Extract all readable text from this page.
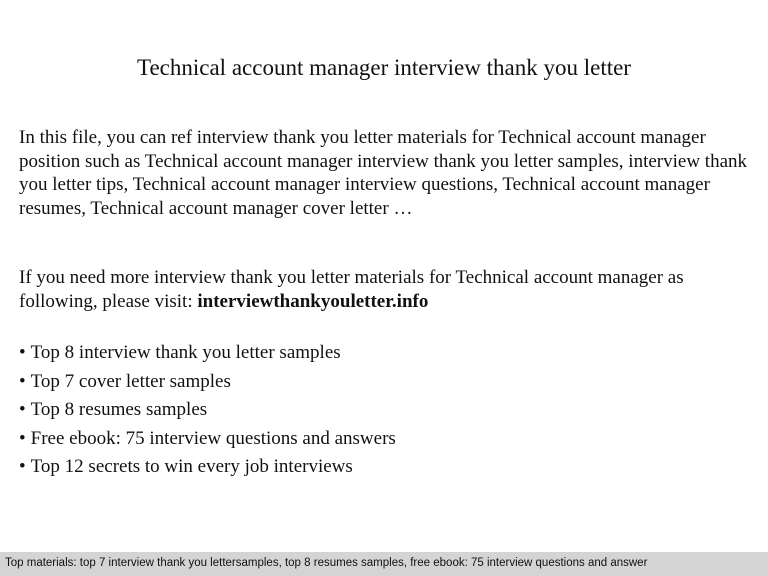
Technical account manager interview thank you letter

In this file, you can ref interview thank you letter materials for Technical account manager position such as Technical account manager interview thank you letter samples, interview thank you letter tips, Technical account manager interview questions, Technical account manager resumes, Technical account manager cover letter …

If you need more interview thank you letter materials for Technical account manager as following, please visit: interviewthankyouletter.info

• Top 8 interview thank you letter samples
• Top 7 cover letter samples
• Top 8 resumes samples
• Free ebook: 75 interview questions and answers
• Top 12 secrets to win every job interviews
Top materials: top 7 interview thank you lettersamples, top 8 resumes samples, free ebook: 75 interview questions and answer
